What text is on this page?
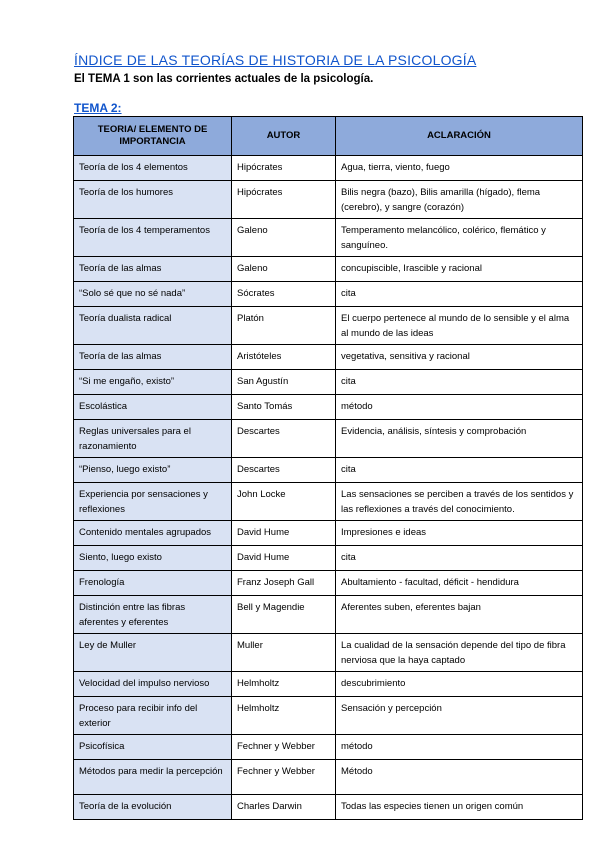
ÍNDICE DE LAS TEORÍAS DE HISTORIA DE LA PSICOLOGÍA
El TEMA 1 son las corrientes actuales de la psicología.
TEMA 2:
TEORIA/ ELEMENTO DE IMPORTANCIA	AUTOR	ACLARACIÓN
Teoría de los 4 elementos	Hipócrates	Agua, tierra, viento, fuego
Teoría de los humores	Hipócrates	Bilis negra (bazo), Bilis amarilla (hígado), flema (cerebro), y sangre (corazón)
Teoría de los 4 temperamentos	Galeno	Temperamento melancólico, colérico, flemático y sanguíneo.
Teoría de las almas	Galeno	concupiscible, Irascible y racional
“Solo sé que no sé nada”	Sócrates	cita
Teoría dualista radical	Platón	El cuerpo pertenece al mundo de lo sensible y el alma al mundo de las ideas
Teoría de las almas	Aristóteles	vegetativa, sensitiva y racional
“Si me engaño, existo”	San Agustín	cita
Escolástica	Santo Tomás	método
Reglas universales para el razonamiento	Descartes	Evidencia, análisis, síntesis y comprobación
“Pienso, luego existo”	Descartes	cita
Experiencia por sensaciones y reflexiones	John Locke	Las sensaciones se perciben a través de los sentidos y las reflexiones a través del conocimiento.
Contenido mentales agrupados	David Hume	Impresiones e ideas
Siento, luego existo	David Hume	cita
Frenología	Franz Joseph Gall	Abultamiento - facultad, déficit - hendidura
Distinción entre las fibras aferentes y eferentes	Bell y Magendie	Aferentes suben, eferentes bajan
Ley de Muller	Muller	La cualidad de la sensación depende del tipo de fibra nerviosa que la haya captado
Velocidad del impulso nervioso	Helmholtz	descubrimiento
Proceso para recibir info del exterior	Helmholtz	Sensación y percepción
Psicofísica	Fechner y Webber	método
Métodos para medir la percepción	Fechner y Webber	Método
Teoría de la evolución	Charles Darwin	Todas las especies tienen un origen común
